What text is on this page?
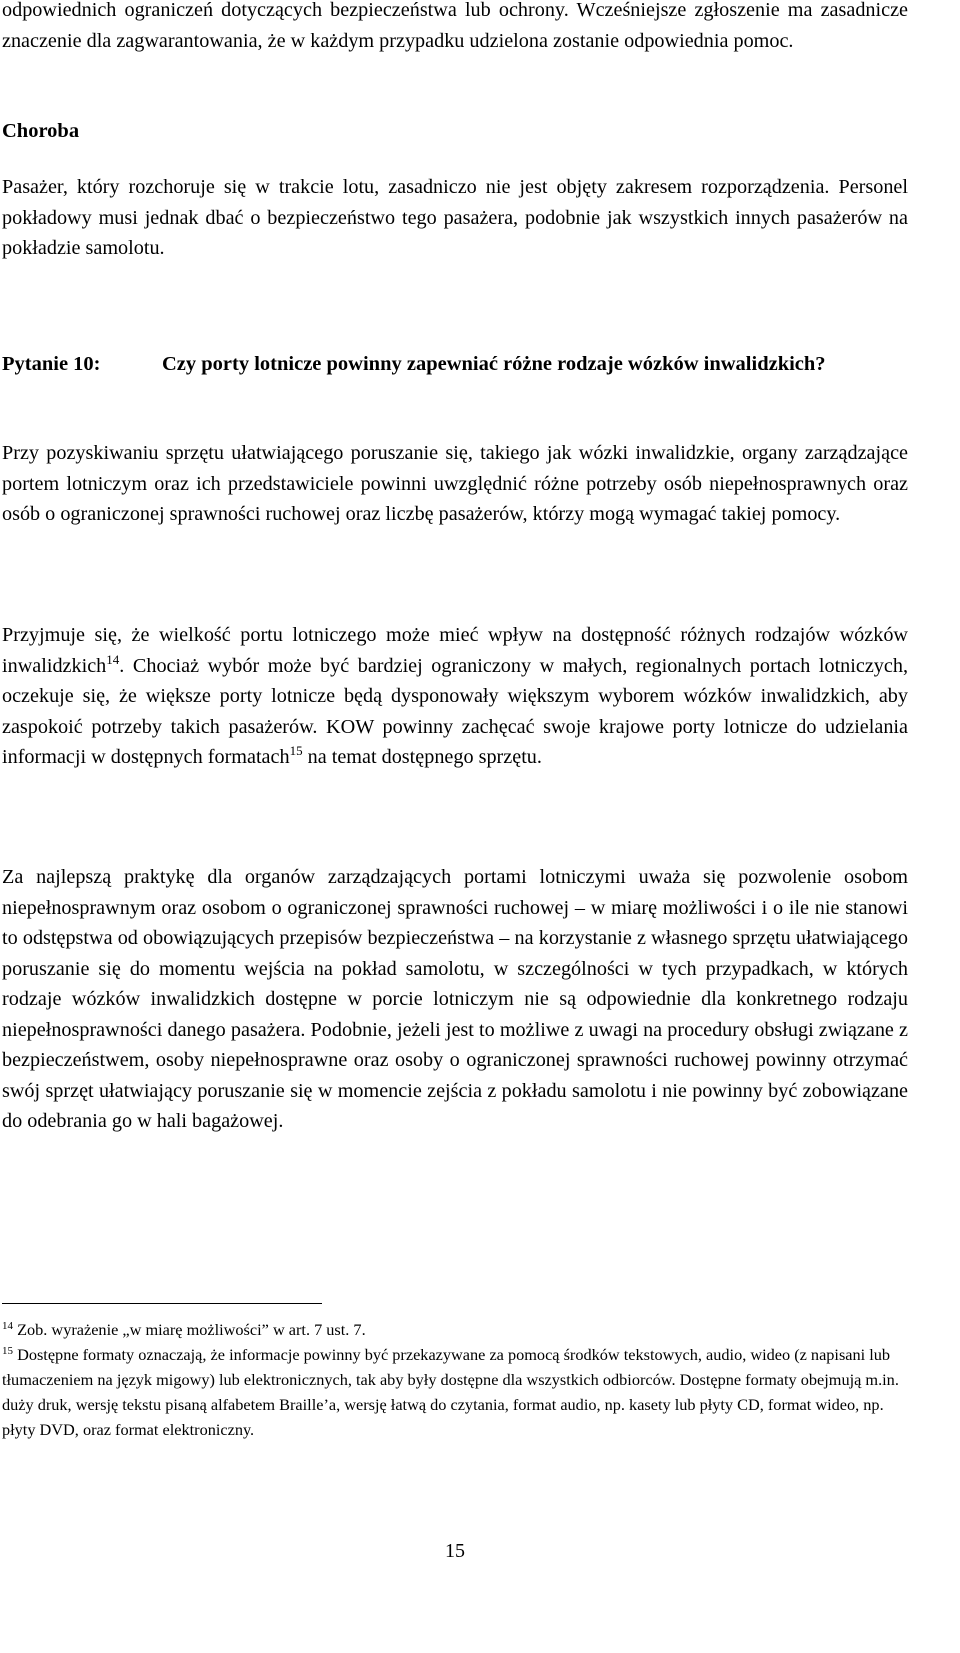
odpowiednich ograniczeń dotyczących bezpieczeństwa lub ochrony. Wcześniejsze zgłoszenie ma zasadnicze znaczenie dla zagwarantowania, że w każdym przypadku udzielona zostanie odpowiednia pomoc.

Choroba

Pasażer, który rozchoruje się w trakcie lotu, zasadniczo nie jest objęty zakresem rozporządzenia. Personel pokładowy musi jednak dbać o bezpieczeństwo tego pasażera, podobnie jak wszystkich innych pasażerów na pokładzie samolotu.

Pytanie 10:	Czy porty lotnicze powinny zapewniać różne rodzaje wózków inwalidzkich?

Przy pozyskiwaniu sprzętu ułatwiającego poruszanie się, takiego jak wózki inwalidzkie, organy zarządzające portem lotniczym oraz ich przedstawiciele powinni uwzględnić różne potrzeby osób niepełnosprawnych oraz osób o ograniczonej sprawności ruchowej oraz liczbę pasażerów, którzy mogą wymagać takiej pomocy.

Przyjmuje się, że wielkość portu lotniczego może mieć wpływ na dostępność różnych rodzajów wózków inwalidzkich$^{14}$. Chociaż wybór może być bardziej ograniczony w małych, regionalnych portach lotniczych, oczekuje się, że większe porty lotnicze będą dysponowały większym wyborem wózków inwalidzkich, aby zaspokoić potrzeby takich pasażerów. KOW powinny zachęcać swoje krajowe porty lotnicze do udzielania informacji w dostępnych formatach$^{15}$ na temat dostępnego sprzętu.

Za najlepszą praktykę dla organów zarządzających portami lotniczymi uważa się pozwolenie osobom niepełnosprawnym oraz osobom o ograniczonej sprawności ruchowej – w miarę możliwości i o ile nie stanowi to odstępstwa od obowiązujących przepisów bezpieczeństwa – na korzystanie z własnego sprzętu ułatwiającego poruszanie się do momentu wejścia na pokład samolotu, w szczególności w tych przypadkach, w których rodzaje wózków inwalidzkich dostępne w porcie lotniczym nie są odpowiednie dla konkretnego rodzaju niepełnosprawności danego pasażera. Podobnie, jeżeli jest to możliwe z uwagi na procedury obsługi związane z bezpieczeństwem, osoby niepełnosprawne oraz osoby o ograniczonej sprawności ruchowej powinny otrzymać swój sprzęt ułatwiający poruszanie się w momencie zejścia z pokładu samolotu i nie powinny być zobowiązane do odebrania go w hali bagażowej.

$^{14}$ Zob. wyrażenie „w miarę możliwości” w art. 7 ust. 7.

$^{15}$ Dostępne formaty oznaczają, że informacje powinny być przekazywane za pomocą środków tekstowych, audio, wideo (z napisani lub tłumaczeniem na język migowy) lub elektronicznych, tak aby były dostępne dla wszystkich odbiorców. Dostępne formaty obejmują m.in. duży druk, wersję tekstu pisaną alfabetem Braille’a, wersję łatwą do czytania, format audio, np. kasety lub płyty CD, format wideo, np. płyty DVD, oraz format elektroniczny.

15
